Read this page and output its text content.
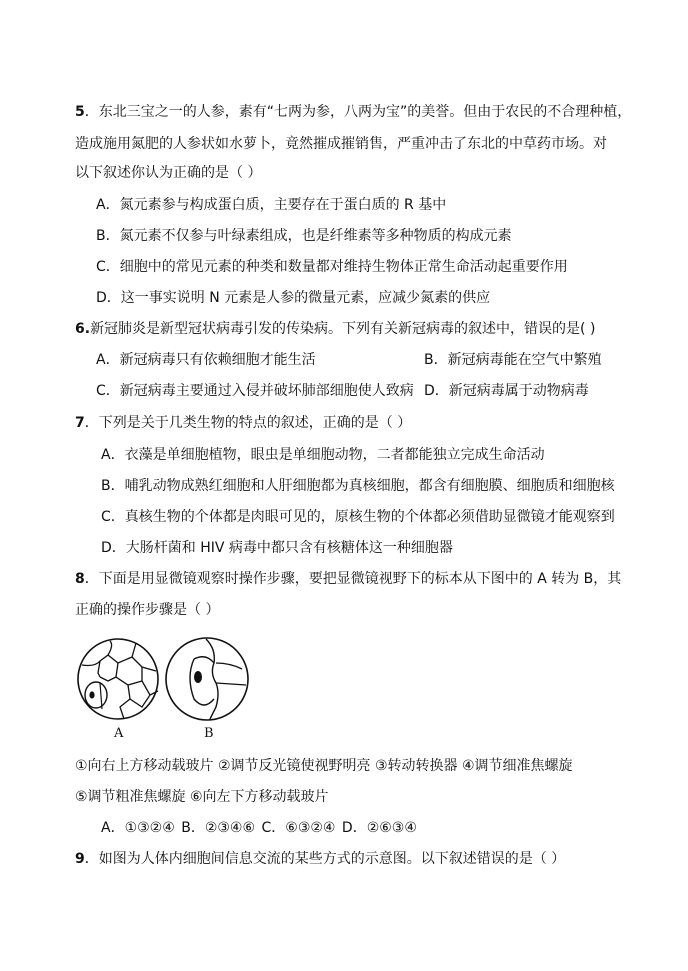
5．东北三宝之一的人参，素有“七两为参，八两为宝”的美誉。但由于农民的不合理种植，
造成施用氮肥的人参状如水萝卜，竟然摧成摧销售，严重冲击了东北的中草药市场。对
以下叙述你认为正确的是（ ）
A．氮元素参与构成蛋白质，主要存在于蛋白质的 R 基中
B．氮元素不仅参与叶绿素组成，也是纤维素等多种物质的构成元素
C．细胞中的常见元素的种类和数量都对维持生物体正常生命活动起重要作用
D．这一事实说明 N 元素是人参的微量元素，应减少氮素的供应
6.新冠肺炎是新型冠状病毒引发的传染病。下列有关新冠病毒的叙述中，错误的是( )
A．新冠病毒只有依赖细胞才能生活	B．新冠病毒能在空气中繁殖
C．新冠病毒主要通过入侵并破坏肺部细胞使人致病 D．新冠病毒属于动物病毒
7．下列是关于几类生物的特点的叙述，正确的是（ ）
A．衣藻是单细胞植物，眼虫是单细胞动物，二者都能独立完成生命活动
B．哺乳动物成熟红细胞和人肝细胞都为真核细胞，都含有细胞膜、细胞质和细胞核
C．真核生物的个体都是肉眼可见的，原核生物的个体都必须借助显微镜才能观察到
D．大肠杆菌和 HIV 病毒中都只含有核糖体这一种细胞器
8．下面是用显微镜观察时操作步骤，要把显微镜视野下的标本从下图中的 A 转为 B，其
正确的操作步骤是（ ）
A	B
①向右上方移动载玻片 ②调节反光镜使视野明亮 ③转动转换器 ④调节细准焦螺旋
⑤调节粗准焦螺旋 ⑥向左下方移动载玻片
A．①③②④ B．②③④⑥ C．⑥③②④ D．②⑥③④
9．如图为人体内细胞间信息交流的某些方式的示意图。以下叙述错误的是（ ）
